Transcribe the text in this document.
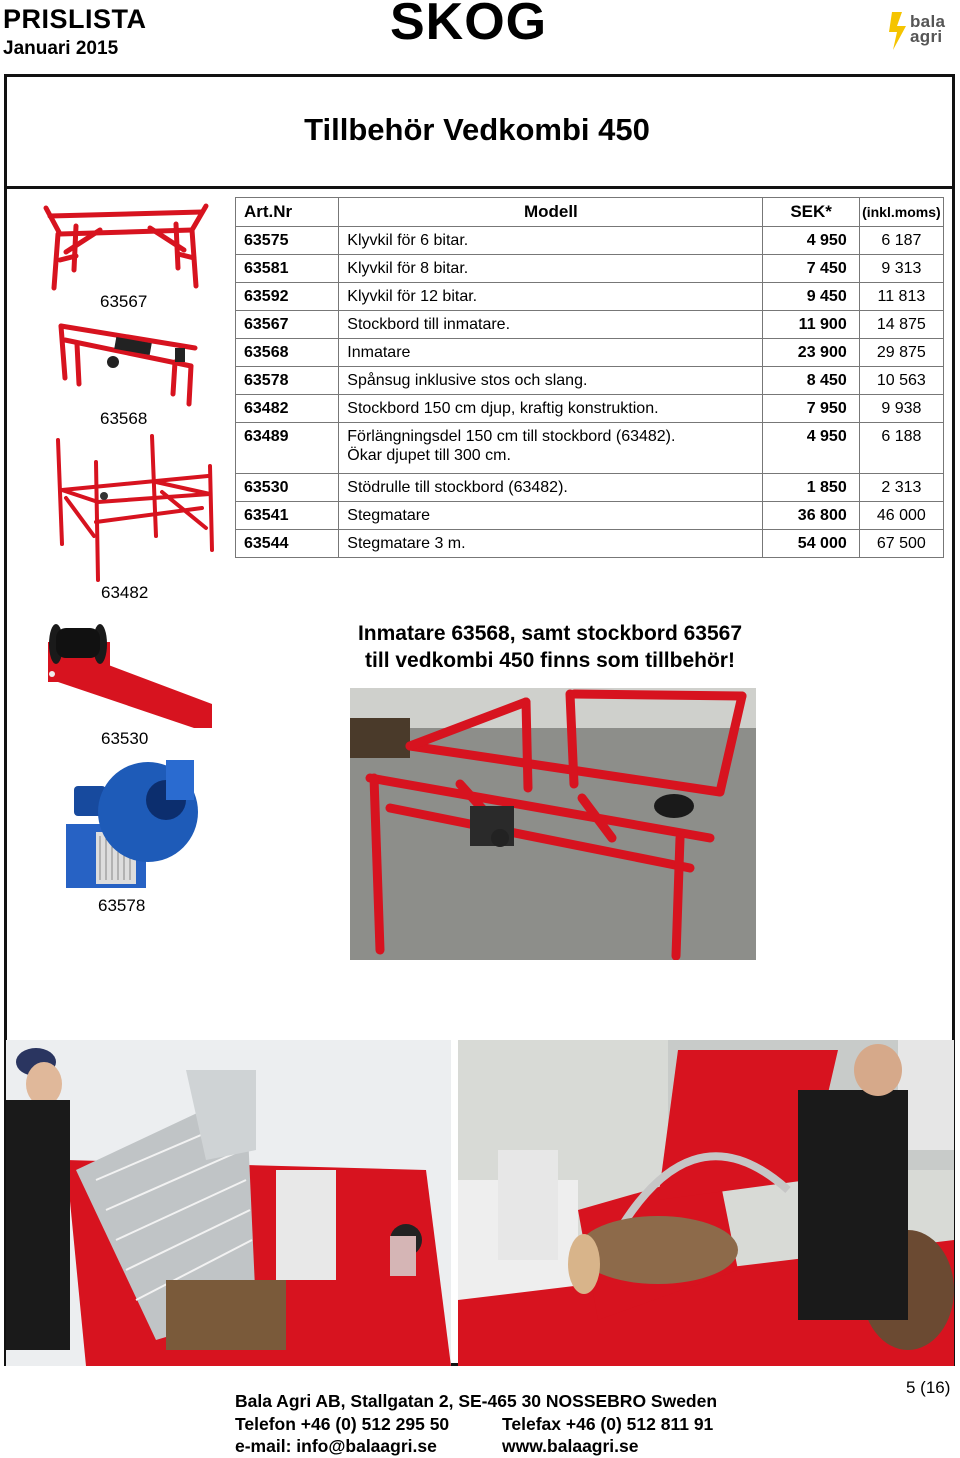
PRISLISTA
Januari 2015	SKOG	bala
agri
Tillbehör Vedkombi 450
Art.Nr	Modell	SEK*	(inkl.moms)
63575	Klyvkil för 6 bitar.	4 950	6 187
63581	Klyvkil för 8 bitar.	7 450	9 313
63592	Klyvkil för 12 bitar.	9 450	11 813
63567	Stockbord till inmatare.	11 900	14 875
63568	Inmatare	23 900	29 875
63578	Spånsug inklusive stos och slang.	8 450	10 563
63482	Stockbord 150 cm djup, kraftig konstruktion.	7 950	9 938
63489	Förlängningsdel 150 cm till stockbord (63482).
Ökar djupet till 300 cm.	4 950	6 188
63530	Stödrulle till stockbord (63482).	1 850	2 313
63541	Stegmatare	36 800	46 000
63544	Stegmatare 3 m.	54 000	67 500
63567
63568
63482
63530
63578
Inmatare 63568, samt stockbord 63567
till vedkombi 450 finns som tillbehör!
Bala Agri AB, Stallgatan 2, SE-465 30 NOSSEBRO Sweden
Telefon +46 (0) 512 295 50	Telefax +46 (0) 512 811 91
e-mail: info@balaagri.se	www.balaagri.se
5 (16)
